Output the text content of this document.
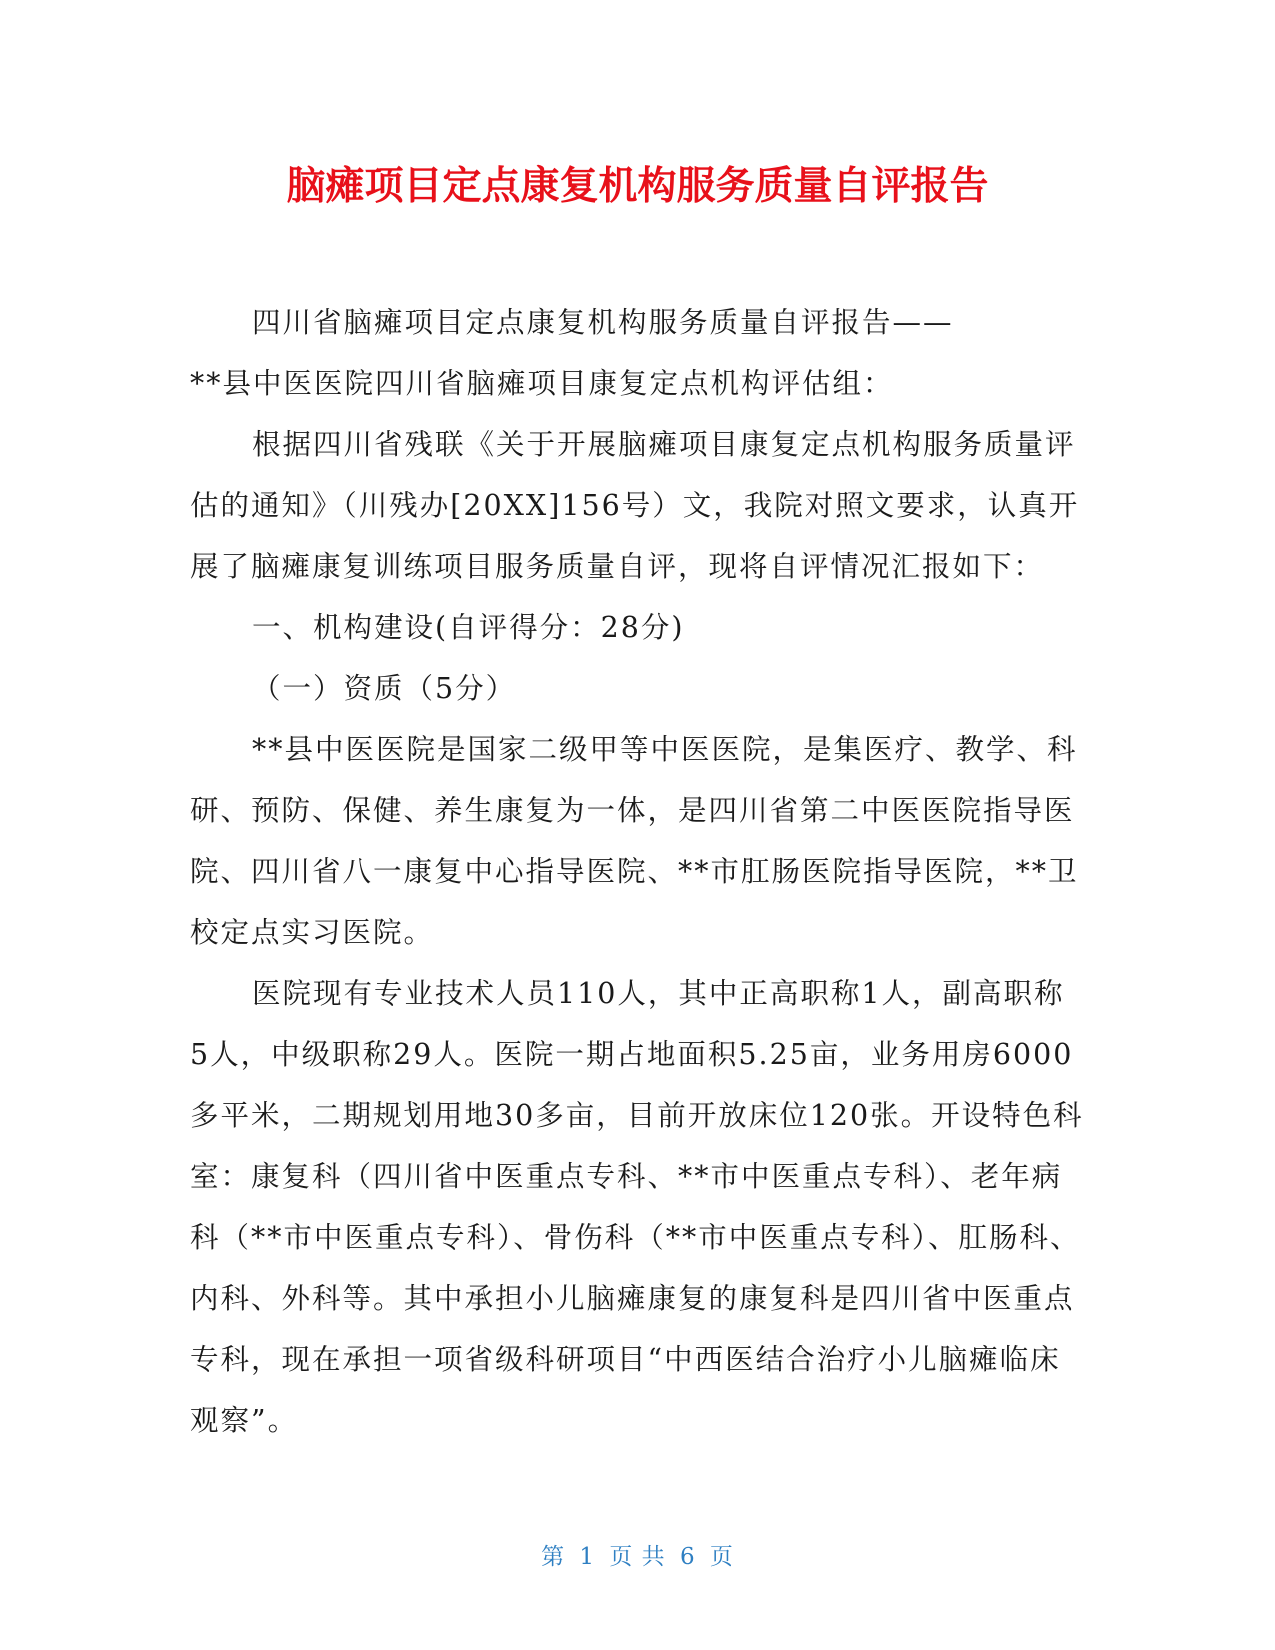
脑瘫项目定点康复机构服务质量自评报告

四川省脑瘫项目定点康复机构服务质量自评报告——

**县中医医院四川省脑瘫项目康复定点机构评估组：

根据四川省残联《关于开展脑瘫项目康复定点机构服务质量评估的通知》（川残办[20XX]156号）文，我院对照文要求，认真开展了脑瘫康复训练项目服务质量自评，现将自评情况汇报如下：

一、机构建设(自评得分：28分)

（一）资质（5分）

**县中医医院是国家二级甲等中医医院，是集医疗、教学、科研、预防、保健、养生康复为一体，是四川省第二中医医院指导医院、四川省八一康复中心指导医院、**市肛肠医院指导医院，**卫校定点实习医院。

医院现有专业技术人员110人，其中正高职称1人，副高职称5人，中级职称29人。医院一期占地面积5.25亩，业务用房6000多平米，二期规划用地30多亩，目前开放床位120张。开设特色科室：康复科（四川省中医重点专科、**市中医重点专科）、老年病科（**市中医重点专科）、骨伤科（**市中医重点专科）、肛肠科、内科、外科等。其中承担小儿脑瘫康复的康复科是四川省中医重点专科，现在承担一项省级科研项目“中西医结合治疗小儿脑瘫临床观察”。

第 1 页 共 6 页
